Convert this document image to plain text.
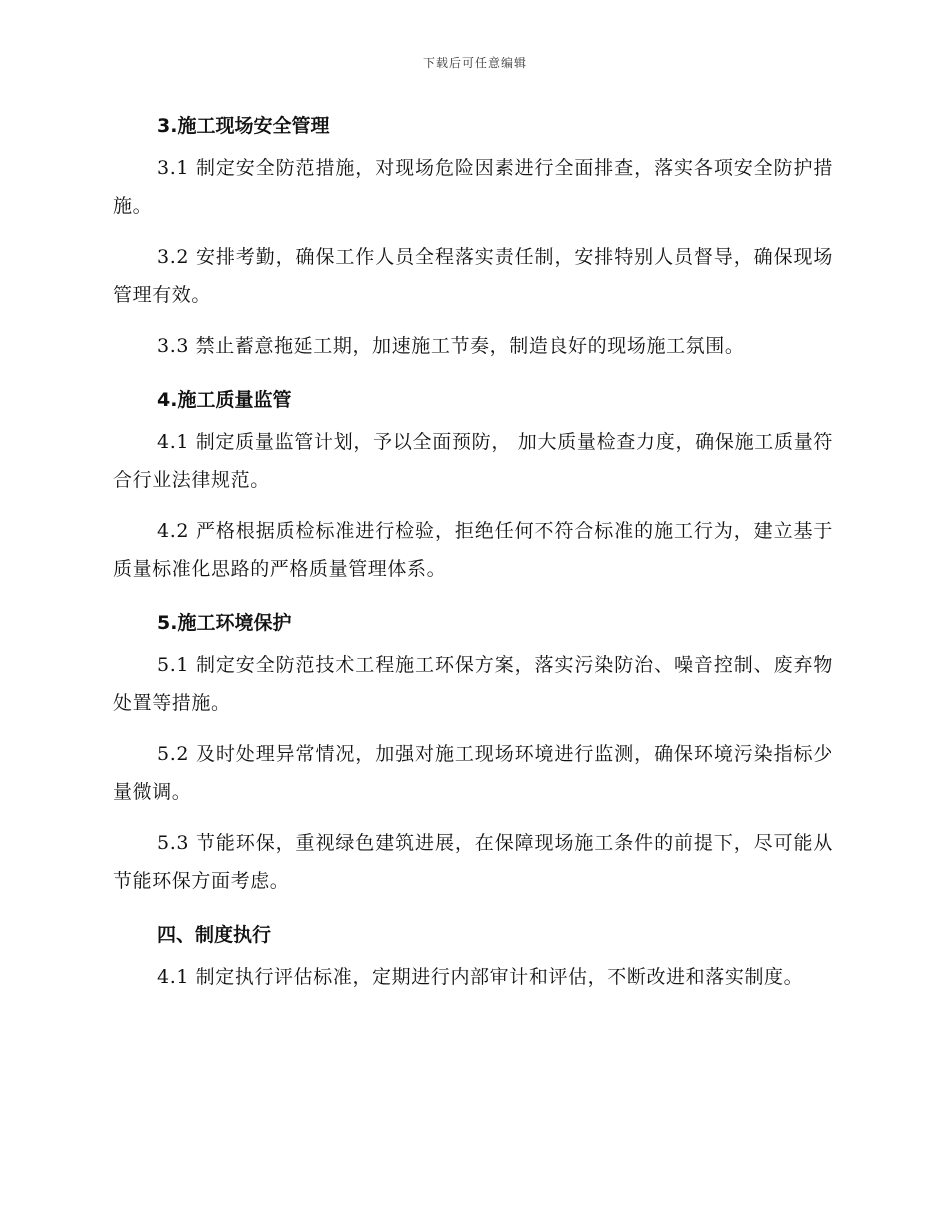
下载后可任意编辑
3.施工现场安全管理

3.1 制定安全防范措施，对现场危险因素进行全面排查，落实各项安全防护措施。

3.2 安排考勤，确保工作人员全程落实责任制，安排特别人员督导，确保现场管理有效。

3.3 禁止蓄意拖延工期，加速施工节奏，制造良好的现场施工氛围。

4.施工质量监管

4.1 制定质量监管计划，予以全面预防， 加大质量检查力度，确保施工质量符合行业法律规范。

4.2 严格根据质检标准进行检验，拒绝任何不符合标准的施工行为，建立基于质量标准化思路的严格质量管理体系。

5.施工环境保护

5.1 制定安全防范技术工程施工环保方案，落实污染防治、噪音控制、废弃物处置等措施。

5.2 及时处理异常情况，加强对施工现场环境进行监测，确保环境污染指标少量微调。

5.3 节能环保，重视绿色建筑进展，在保障现场施工条件的前提下，尽可能从节能环保方面考虑。

四、制度执行

4.1 制定执行评估标准，定期进行内部审计和评估，不断改进和落实制度。
